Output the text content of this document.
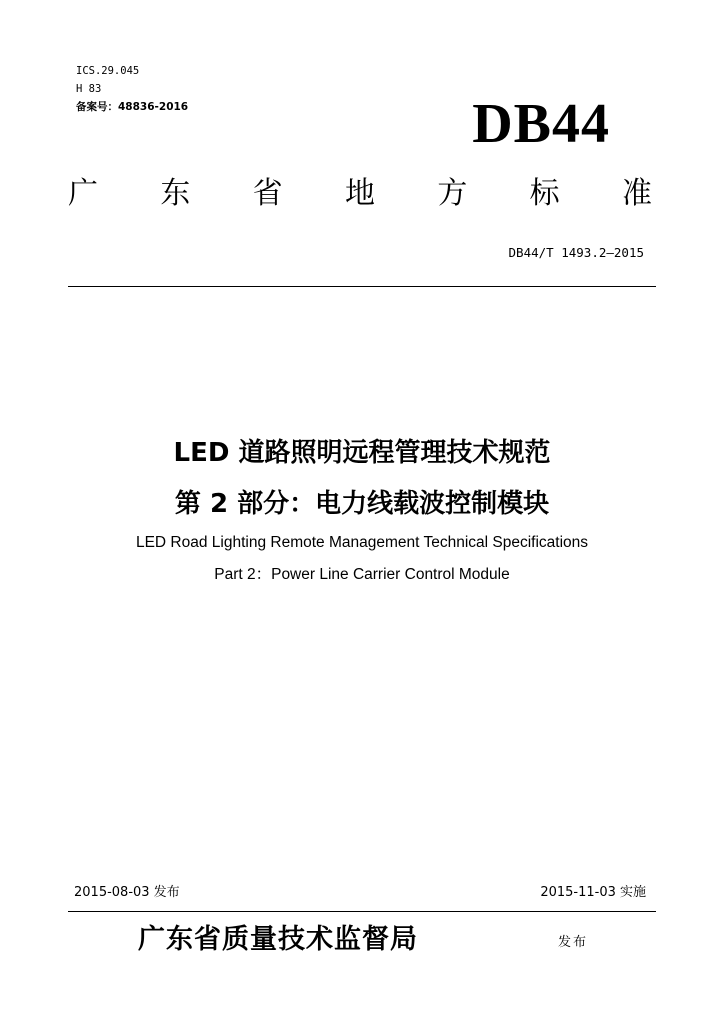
ICS.29.045
H 83
备案号：48836-2016	DB44
广 东 省 地 方 标 准
DB44/T 1493.2—2015
LED 道路照明远程管理技术规范
第 2 部分：电力线载波控制模块
LED Road Lighting Remote Management Technical Specifications
Part 2：Power Line Carrier Control Module
2015-08-03 发布	2015-11-03 实施
广东省质量技术监督局	发布
